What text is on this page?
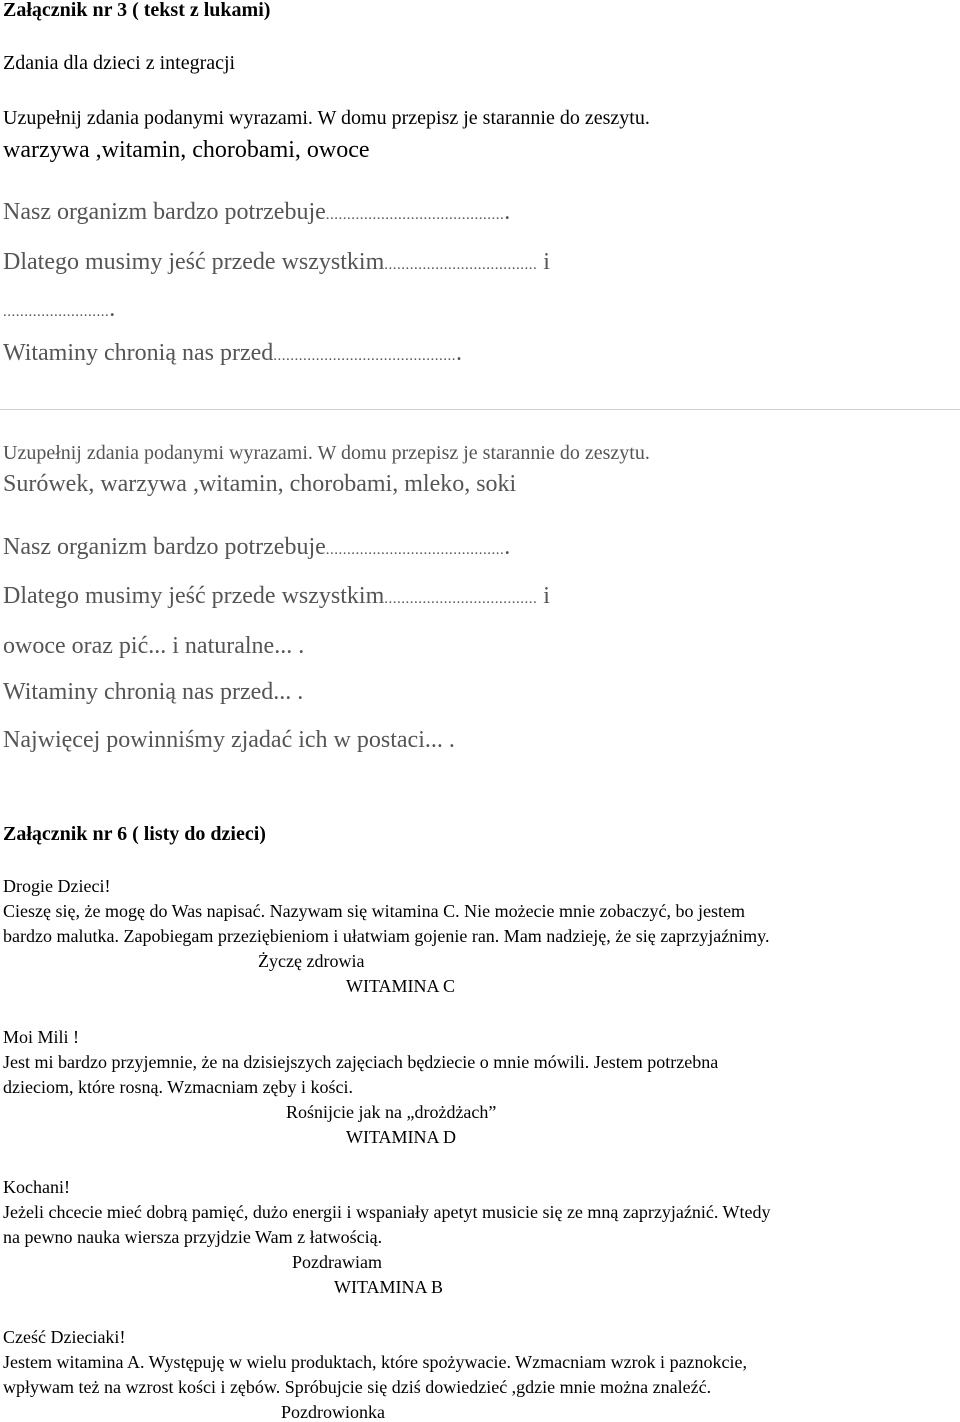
Załącznik nr 3 ( tekst z lukami)
Zdania dla dzieci z integracji
Uzupełnij zdania podanymi wyrazami. W domu przepisz je starannie do zeszytu.
warzywa ,witamin, chorobami, owoce
Nasz organizm bardzo potrzebuje...........................................
Dlatego musimy jeść przede wszystkim.................................... i
..........................
Witaminy chronią nas przed............................................
Uzupełnij zdania podanymi wyrazami. W domu przepisz je starannie do zeszytu.
Surówek, warzywa ,witamin, chorobami, mleko, soki
Nasz organizm bardzo potrzebuje...........................................
Dlatego musimy jeść przede wszystkim.................................... i
owoce oraz pić... i naturalne... .
Witaminy chronią nas przed... .
Najwięcej powinniśmy zjadać ich w postaci... .
Załącznik nr 6 ( listy do dzieci)
Drogie Dzieci!
Cieszę się, że mogę do Was napisać. Nazywam się witamina C. Nie możecie mnie zobaczyć, bo jestem
bardzo malutka. Zapobiegam przeziębieniom i ułatwiam gojenie ran. Mam nadzieję, że się zaprzyjaźnimy.
Życzę zdrowia
WITAMINA C
Moi Mili !
Jest mi bardzo przyjemnie, że na dzisiejszych zajęciach będziecie o mnie mówili. Jestem potrzebna
dzieciom, które rosną. Wzmacniam zęby i kości.
Rośnijcie jak na „drożdżach”
WITAMINA D
Kochani!
Jeżeli chcecie mieć dobrą pamięć, dużo energii i wspaniały apetyt musicie się ze mną zaprzyjaźnić. Wtedy
na pewno nauka wiersza przyjdzie Wam z łatwością.
Pozdrawiam
WITAMINA B
Cześć Dzieciaki!
Jestem witamina A. Występuję w wielu produktach, które spożywacie. Wzmacniam wzrok i paznokcie,
wpływam też na wzrost kości i zębów. Spróbujcie się dziś dowiedzieć ,gdzie mnie można znaleźć.
Pozdrowionka
